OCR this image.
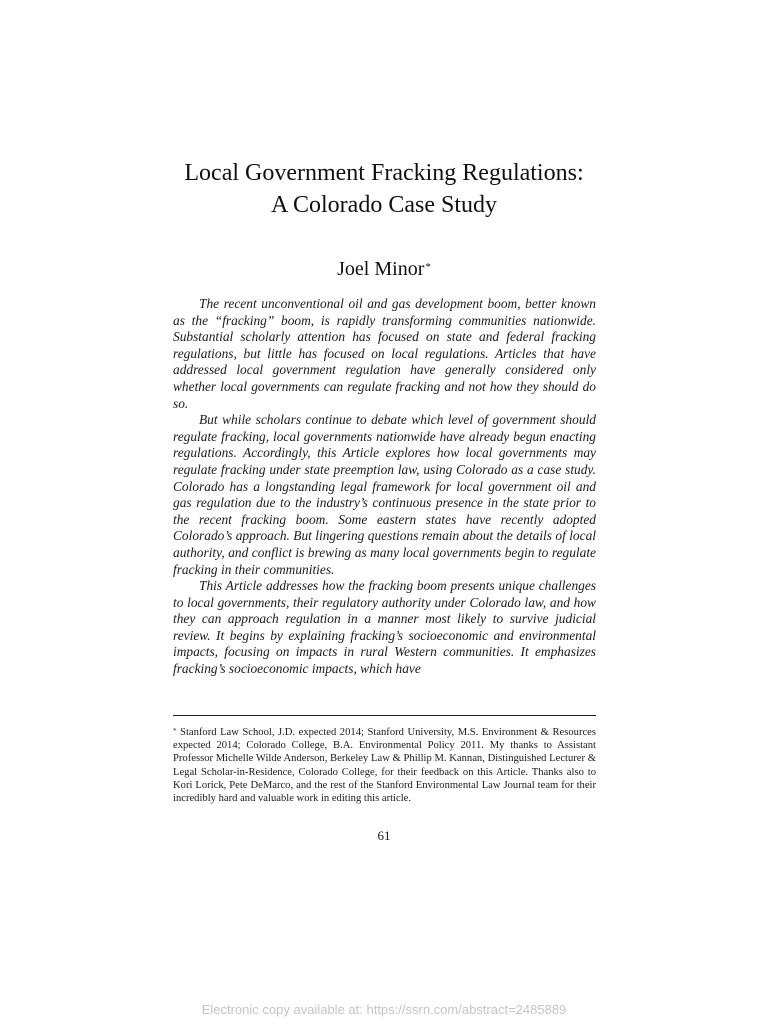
Local Government Fracking Regulations:
A Colorado Case Study
Joel Minor*

The recent unconventional oil and gas development boom, better known as the “fracking” boom, is rapidly transforming communities nationwide. Substantial scholarly attention has focused on state and federal fracking regulations, but little has focused on local regulations. Articles that have addressed local government regulation have generally considered only whether local governments can regulate fracking and not how they should do so.

But while scholars continue to debate which level of government should regulate fracking, local governments nationwide have already begun enacting regulations. Accordingly, this Article explores how local governments may regulate fracking under state preemption law, using Colorado as a case study. Colorado has a longstanding legal framework for local government oil and gas regulation due to the industry’s continuous presence in the state prior to the recent fracking boom. Some eastern states have recently adopted Colorado’s approach. But lingering questions remain about the details of local authority, and conflict is brewing as many local governments begin to regulate fracking in their communities.

This Article addresses how the fracking boom presents unique challenges to local governments, their regulatory authority under Colorado law, and how they can approach regulation in a manner most likely to survive judicial review. It begins by explaining fracking’s socioeconomic and environmental impacts, focusing on impacts in rural Western communities. It emphasizes fracking’s socioeconomic impacts, which have

* Stanford Law School, J.D. expected 2014; Stanford University, M.S. Environment & Resources expected 2014; Colorado College, B.A. Environmental Policy 2011. My thanks to Assistant Professor Michelle Wilde Anderson, Berkeley Law & Phillip M. Kannan, Distinguished Lecturer & Legal Scholar-in-Residence, Colorado College, for their feedback on this Article. Thanks also to Kori Lorick, Pete DeMarco, and the rest of the Stanford Environmental Law Journal team for their incredibly hard and valuable work in editing this article.
61
Electronic copy available at: https://ssrn.com/abstract=2485889
